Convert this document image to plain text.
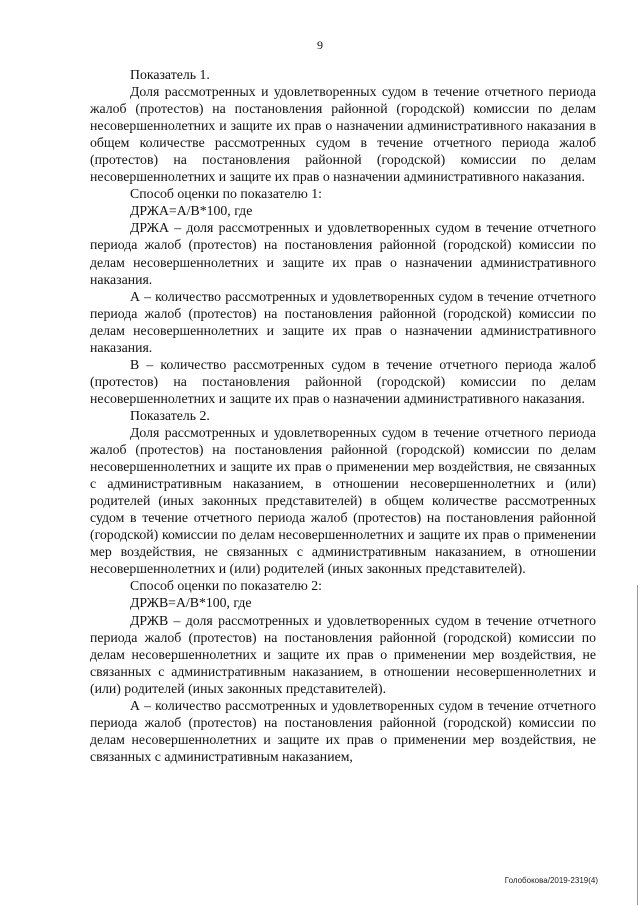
9

Показатель 1.

Доля рассмотренных и удовлетворенных судом в течение отчетного периода жалоб (протестов) на постановления районной (городской) комиссии по делам несовершеннолетних и защите их прав о назначении административного наказания в общем количестве рассмотренных судом в течение отчетного периода жалоб (протестов) на постановления районной (городской) комиссии по делам несовершеннолетних и защите их прав о назначении административного наказания.

Способ оценки по показателю 1:

ДРЖА=А/В*100, где

ДРЖА – доля рассмотренных и удовлетворенных судом в течение отчетного периода жалоб (протестов) на постановления районной (городской) комиссии по делам несовершеннолетних и защите их прав о назначении административного наказания.

А – количество рассмотренных и удовлетворенных судом в течение отчетного периода жалоб (протестов) на постановления районной (городской) комиссии по делам несовершеннолетних и защите их прав о назначении административного наказания.

В – количество рассмотренных судом в течение отчетного периода жалоб (протестов) на постановления районной (городской) комиссии по делам несовершеннолетних и защите их прав о назначении административного наказания.

Показатель 2.

Доля рассмотренных и удовлетворенных судом в течение отчетного периода жалоб (протестов) на постановления районной (городской) комиссии по делам несовершеннолетних и защите их прав о применении мер воздействия, не связанных с административным наказанием, в отношении несовершеннолетних и (или) родителей (иных законных представителей) в общем количестве рассмотренных судом в течение отчетного периода жалоб (протестов) на постановления районной (городской) комиссии по делам несовершеннолетних и защите их прав о применении мер воздействия, не связанных с административным наказанием, в отношении несовершеннолетних и (или) родителей (иных законных представителей).

Способ оценки по показателю 2:

ДРЖВ=А/В*100, где

ДРЖВ – доля рассмотренных и удовлетворенных судом в течение отчетного периода жалоб (протестов) на постановления районной (городской) комиссии по делам несовершеннолетних и защите их прав о применении мер воздействия, не связанных с административным наказанием, в отношении несовершеннолетних и (или) родителей (иных законных представителей).

А – количество рассмотренных и удовлетворенных судом в течение отчетного периода жалоб (протестов) на постановления районной (городской) комиссии по делам несовершеннолетних и защите их прав о применении мер воздействия, не связанных с административным наказанием,

Голобокова/2019-2319(4)
